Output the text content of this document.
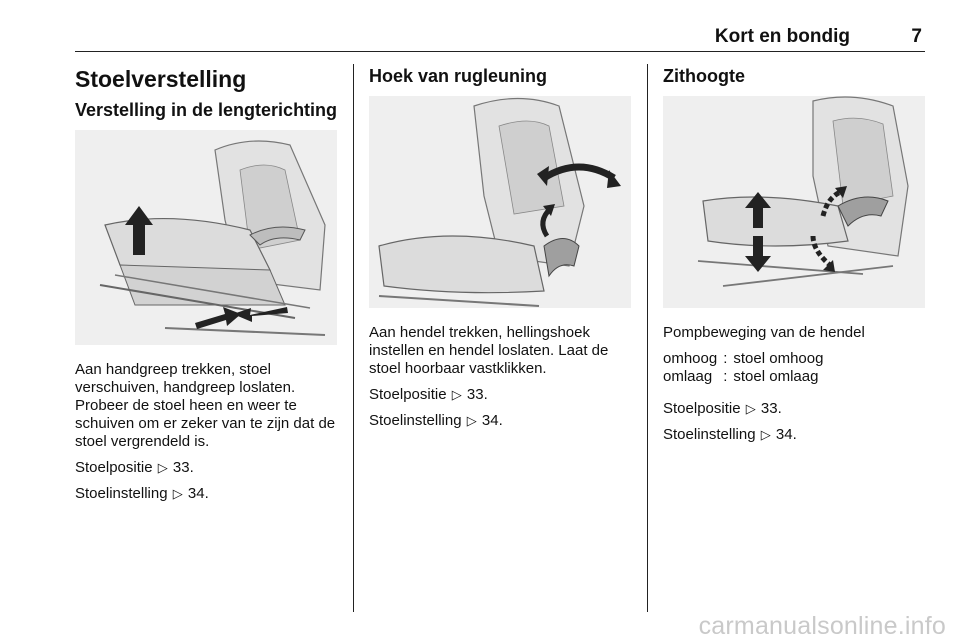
Kort en bondig	7
Stoelverstelling
Verstelling in de lengterichting

Aan handgreep trekken, stoel verschuiven, handgreep loslaten. Probeer de stoel heen en weer te schuiven om er zeker van te zijn dat de stoel vergrendeld is.

Stoelpositie ▷ 33.

Stoelinstelling ▷ 34.

Hoek van rugleuning

Aan hendel trekken, hellingshoek instellen en hendel loslaten. Laat de stoel hoorbaar vastklikken.

Stoelpositie ▷ 33.

Stoelinstelling ▷ 34.

Zithoogte

Pompbeweging van de hendel

omhoog	:	stoel omhoog
omlaag	:	stoel omlaag

Stoelpositie ▷ 33.

Stoelinstelling ▷ 34.

carmanualsonline.info
